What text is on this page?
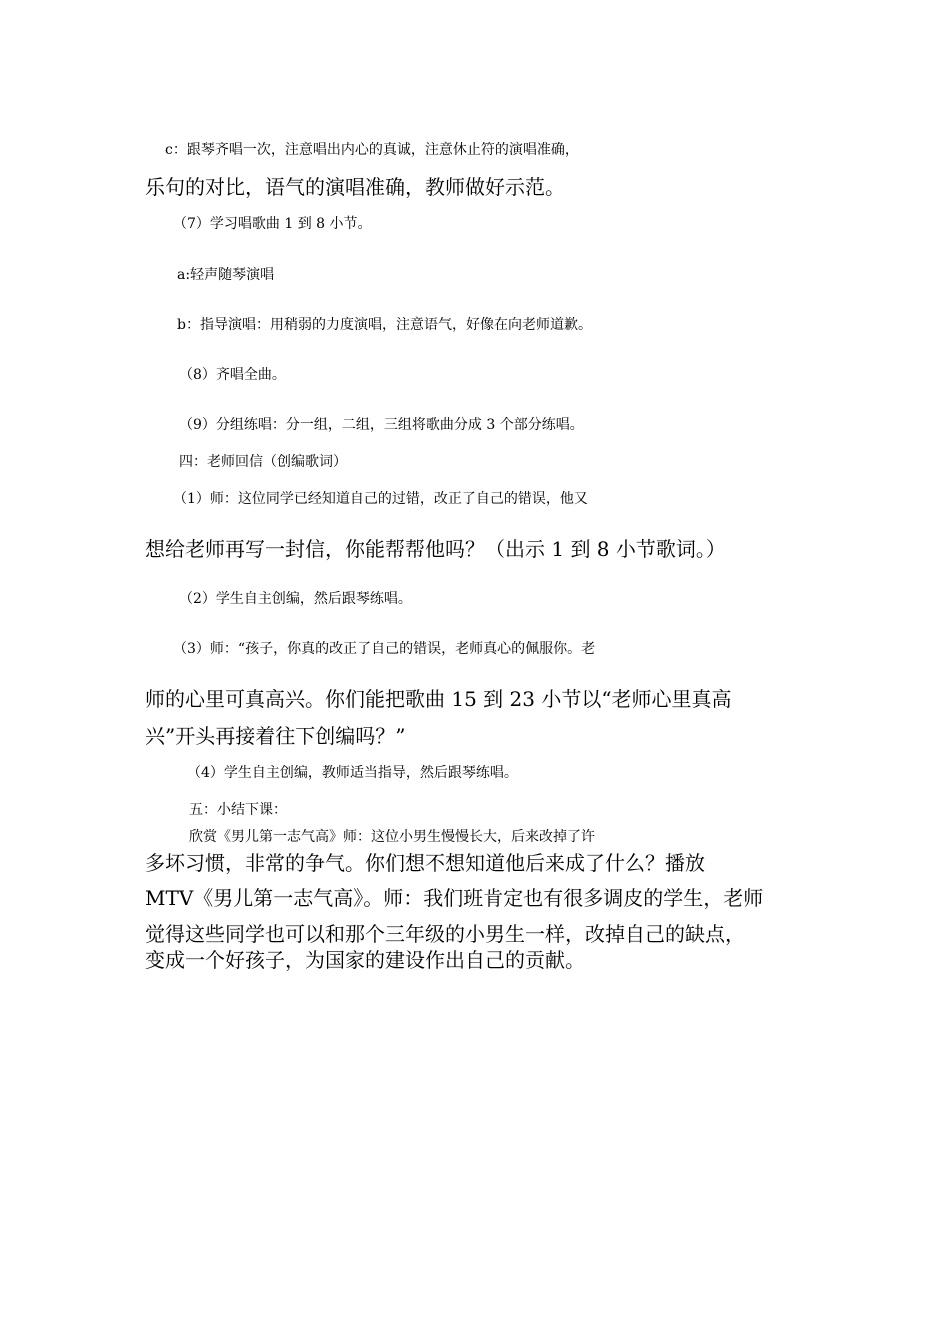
c：跟琴齐唱一次，注意唱出内心的真诚，注意休止符的演唱准确，
乐句的对比，语气的演唱准确，教师做好示范。
（7）学习唱歌曲 1 到 8 小节。
a:轻声随琴演唱
b：指导演唱：用稍弱的力度演唱，注意语气，好像在向老师道歉。
（8）齐唱全曲。
（9）分组练唱：分一组，二组，三组将歌曲分成 3 个部分练唱。
四：老师回信（创编歌词）
（1）师：这位同学已经知道自己的过错，改正了自己的错误，他又
想给老师再写一封信，你能帮帮他吗？（出示 1 到 8 小节歌词。）
（2）学生自主创编，然后跟琴练唱。
（3）师：“孩子，你真的改正了自己的错误，老师真心的佩服你。老
师的心里可真高兴。你们能把歌曲 15 到 23 小节以“老师心里真高
兴”开头再接着往下创编吗？”
（4）学生自主创编，教师适当指导，然后跟琴练唱。
五：小结下课：
欣赏《男儿第一志气高》师：这位小男生慢慢长大，后来改掉了许
多坏习惯，非常的争气。你们想不想知道他后来成了什么？播放
MTV《男儿第一志气高》。师：我们班肯定也有很多调皮的学生，老师
觉得这些同学也可以和那个三年级的小男生一样，改掉自己的缺点，
变成一个好孩子，为国家的建设作出自己的贡献。
